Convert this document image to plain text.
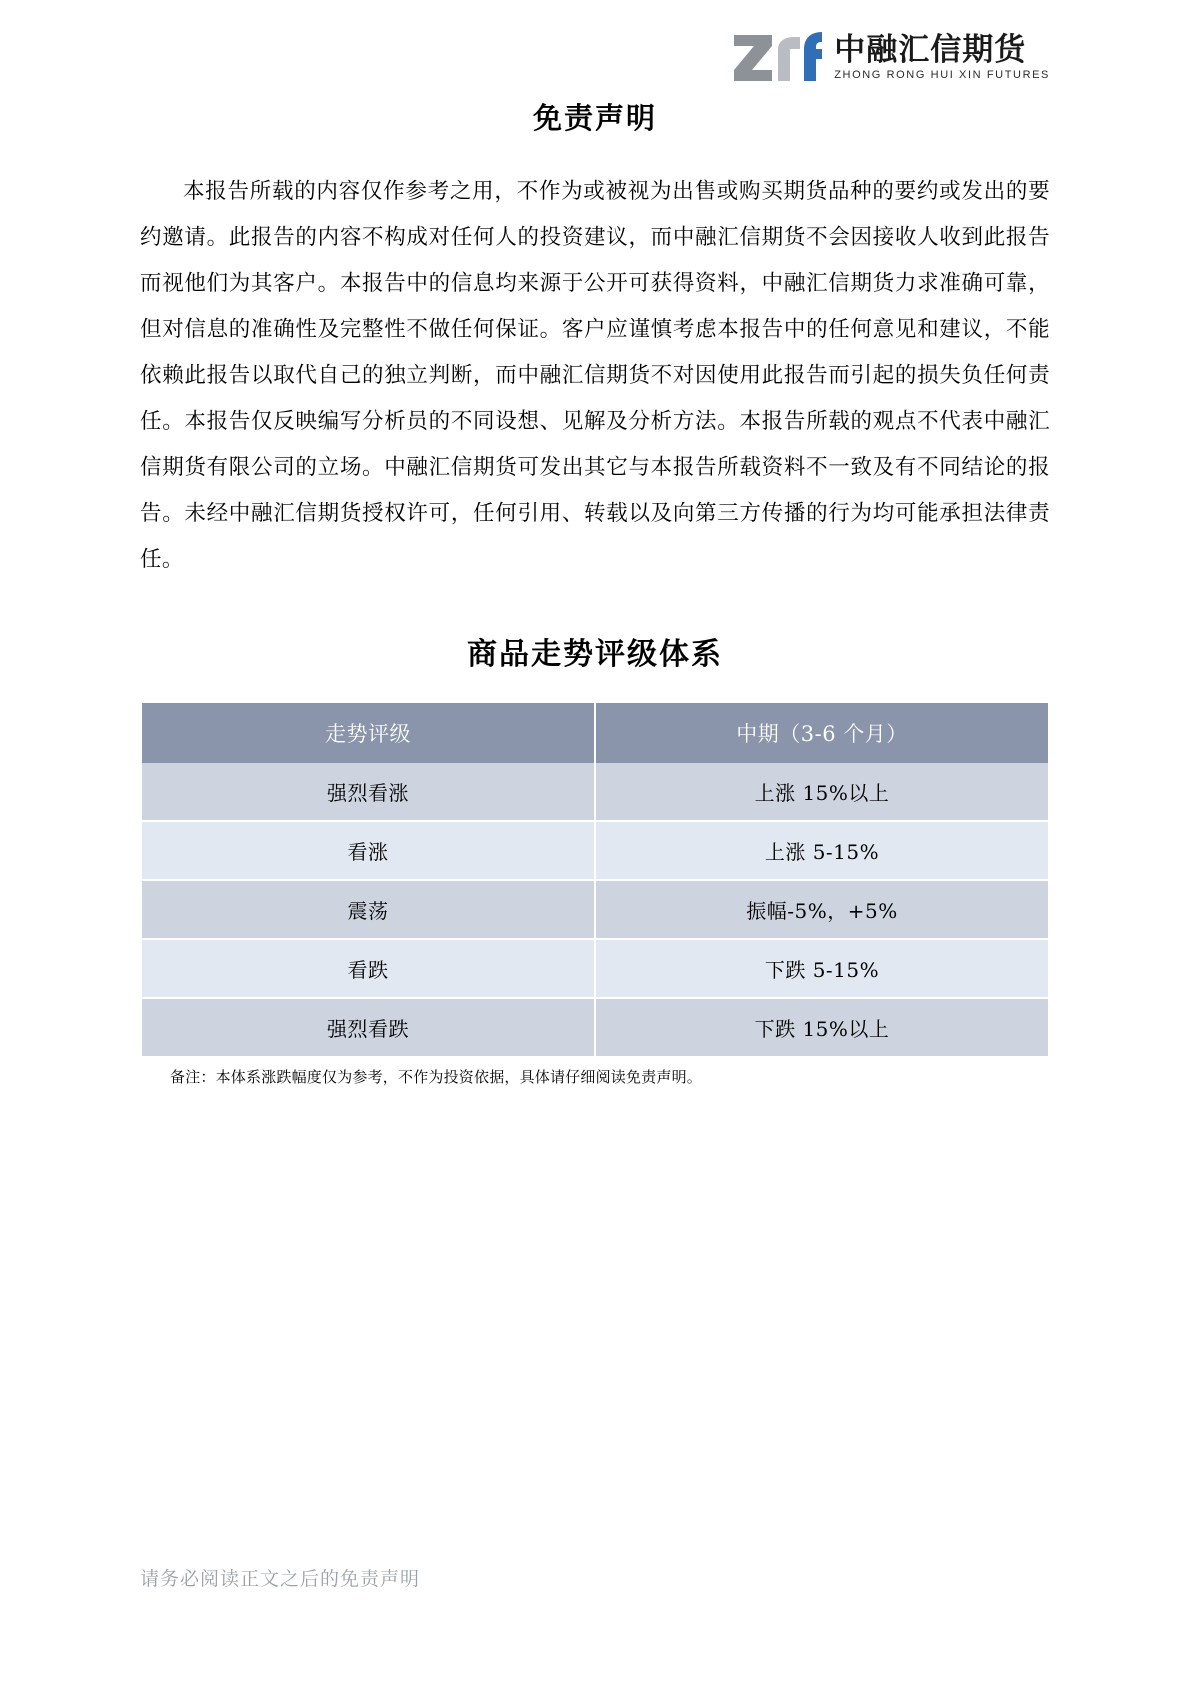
中融汇信期货
ZHONG RONG HUI XIN FUTURES
免责声明

本报告所载的内容仅作参考之用，不作为或被视为出售或购买期货品种的要约或发出的要约邀请。此报告的内容不构成对任何人的投资建议，而中融汇信期货不会因接收人收到此报告而视他们为其客户。本报告中的信息均来源于公开可获得资料，中融汇信期货力求准确可靠，但对信息的准确性及完整性不做任何保证。客户应谨慎考虑本报告中的任何意见和建议，不能依赖此报告以取代自己的独立判断，而中融汇信期货不对因使用此报告而引起的损失负任何责任。本报告仅反映编写分析员的不同设想、见解及分析方法。本报告所载的观点不代表中融汇信期货有限公司的立场。中融汇信期货可发出其它与本报告所载资料不一致及有不同结论的报告。未经中融汇信期货授权许可，任何引用、转载以及向第三方传播的行为均可能承担法律责任。

商品走势评级体系
走势评级	中期（3-6 个月）
强烈看涨	上涨 15%以上
看涨	上涨 5-15%
震荡	振幅-5%，+5%
看跌	下跌 5-15%
强烈看跌	下跌 15%以上
备注：本体系涨跌幅度仅为参考，不作为投资依据，具体请仔细阅读免责声明。
请务必阅读正文之后的免责声明
